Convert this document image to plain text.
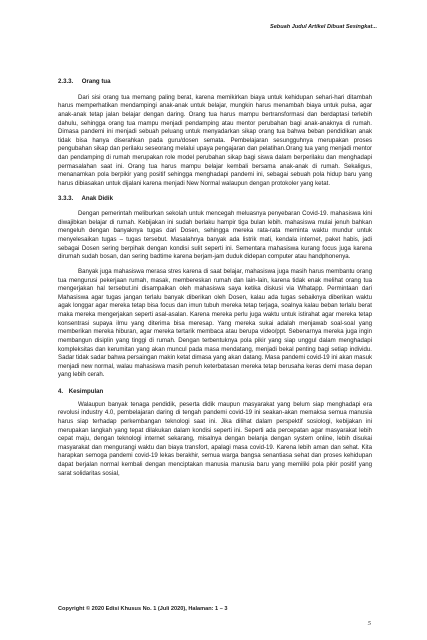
Sebuah Judul Artikel Dibuat Sesingkat...
2.3.3. Orang tua

Dari sisi orang tua memang paling berat, karena memikirkan biaya untuk kehidupan sehari-hari ditambah harus memperhatikan mendampingi anak-anak untuk belajar, mungkin harus menambah biaya untuk pulsa, agar anak-anak tetap jalan belajar dengan daring. Orang tua harus mampu bertransformasi dan berdaptasi terlebih dahulu, sehingga orang tua mampu menjadi pendamping atau mentor perubahan bagi anak-anaknya di rumah. Dimasa pandemi ini menjadi sebuah peluang untuk menyadarkan sikap orang tua bahwa beban pendidikan anak tidak bisa hanya diserahkan pada guru/dosen semata. Pembelajaran sesungguhnya merupakan proses pengubahan sikap dan perilaku seseorang melalui upaya pengajaran dan pelatihan.Orang tua yang menjadi mentor dan pendamping di rumah merupakan role model perubahan sikap bagi siswa dalam berperilaku dan menghadapi permasalahan saat ini. Orang tua harus mampu belajar kembali bersama anak-anak di rumah. Sekaligus, menanamkan pola berpikir yang positif sehingga menghadapi pandemi ini, sebagai sebuah pola hidup baru yang harus dibiasakan untuk dijalani karena menjadi New Normal walaupun dengan protokoler yang ketat.

3.3.3. Anak Didik

Dengan pemerintah meliburkan sekolah untuk mencegah meluasnya penyebaran Covid-19. mahasiswa kini diwajibkan belajar di rumah. Kebijakan ini sudah berlaku hampir tiga bulan lebih. mahasiswa mulai jenuh bahkan mengeluh dengan banyaknya tugas dari Dosen, sehingga mereka rata-rata meminta waktu mundur untuk menyelesaikan tugas – tugas tersebut. Masalahnya banyak ada listrik mati, kendala internet, paket habis, jadi sebagai Dosen sering berpihak dengan kondisi sulit seperti ini. Sementara mahasiswa kurang focus juga karena dirumah sudah bosan, dan sering badtime karena berjam-jam duduk didepan computer atau handphonenya.

Banyak juga mahasiswa merasa stres karena di saat belajar, mahasiswa juga masih harus membantu orang tua mengurusi pekerjaan rumah, masak, membereskan rumah dan lain-lain, karena tidak enak melihat orang tua mengerjakan hal tersebut.ini disampaikan oleh mahasiswa saya ketika diskusi via Whatapp. Permintaan dari Mahasiswa agar tugas jangan terlalu banyak diberikan oleh Dosen, kalau ada tugas sebaiknya diberikan waktu agak longgar agar mereka tetap bisa focus dan imun tubuh mereka tetap terjaga, soalnya kalau beban terlalu berat maka mereka mengerjakan seperti asal-asalan. Karena mereka perlu juga waktu untuk istirahat agar mereka tetap konsentrasi supaya ilmu yang diterima bisa meresap. Yang mereka sukai adalah menjawab soal-soal yang memberikan mereka hiburan, agar mereka tertarik membaca atau berupa video/ppt. Sebenarnya mereka juga ingin membangun disiplin yang tinggi di rumah. Dengan terbentuknya pola pikir yang siap unggul dalam menghadapi kompleksitas dan kerumitan yang akan muncul pada masa mendatang, menjadi bekal penting bagi setiap individu. Sadar tidak sadar bahwa persaingan makin ketat dimasa yang akan datang. Masa pandemi covid-19 ini akan masuk menjadi new normal, walau mahasiswa masih penuh keterbatasan mereka tetap berusaha keras demi masa depan yang lebih cerah.

4. Kesimpulan

Walaupun banyak tenaga pendidik, peserta didik maupun masyarakat yang belum siap menghadapi era revolusi industry 4.0, pembelajaran daring di tengah pandemi covid-19 ini seakan-akan memaksa semua manusia harus siap terhadap perkembangan teknologi saat ini. Jika dilihat dalam perspektif sosiologi, kebijakan ini merupakan langkah yang tepat dilakukan dalam kondisi seperti ini. Seperti ada percepatan agar masyarakat lebih cepat maju, dengan teknologi internet sekarang, misalnya dengan belanja dengan system online, lebih disukai masyarakat dan mengurangi waktu dan biaya transfort, apalagi masa covid-19. Karena lebih aman dan sehat. Kita harapkan semoga pandemi covid-19 lekas berakhir, semua warga bangsa senantiasa sehat dan proses kehidupan dapat berjalan normal kembali dengan menciptakan manusia manusia baru yang memiliki pola pikir positif yang sarat solidaritas sosial,

Copyright © 2020 Edisi Khusus No. 1 (Juli 2020), Halaman: 1 – 3
5
